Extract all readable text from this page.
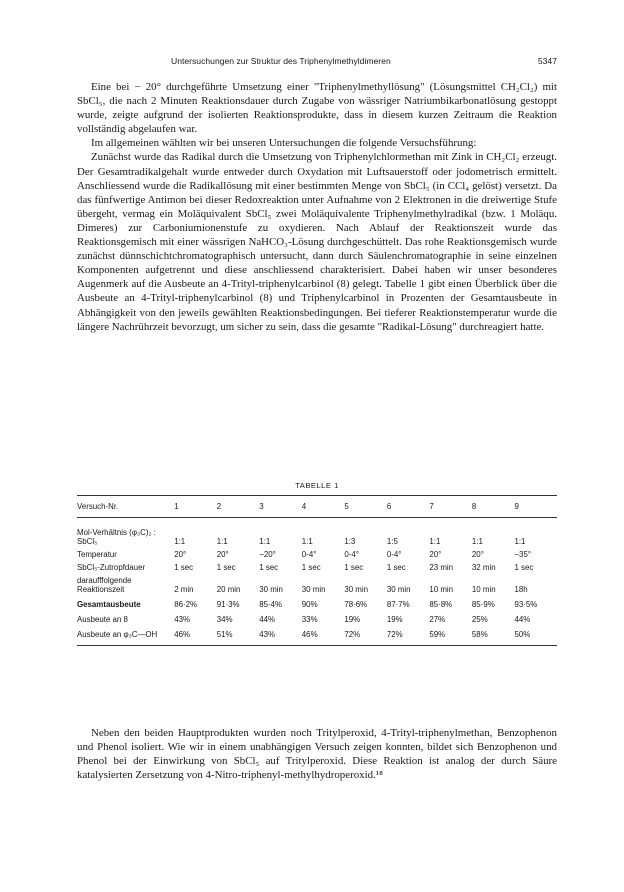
Untersuchungen zur Struktur des Triphenylmethyldimeren	5347

Eine bei − 20° durchgeführte Umsetzung einer "Triphenylmethyllösung" (Lösungsmittel CH₂Cl₂) mit SbCl₅, die nach 2 Minuten Reaktionsdauer durch Zugabe von wässriger Natriumbikarbonatlösung gestoppt wurde, zeigte aufgrund der isolierten Reaktionsprodukte, dass in diesem kurzen Zeitraum die Reaktion vollständig abgelaufen war.

Im allgemeinen wählten wir bei unseren Untersuchungen die folgende Versuchsführung:

Zunächst wurde das Radikal durch die Umsetzung von Triphenylchlormethan mit Zink in CH₂Cl₂ erzeugt. Der Gesamtradikalgehalt wurde entweder durch Oxydation mit Luftsauerstoff oder jodometrisch ermittelt. Anschliessend wurde die Radikallösung mit einer bestimmten Menge von SbCl₅ (in CCl₄ gelöst) versetzt. Da das fünfwertige Antimon bei dieser Redoxreaktion unter Aufnahme von 2 Elektronen in die dreiwertige Stufe übergeht, vermag ein Moläquivalent SbCl₅ zwei Moläquivalente Triphenylmethylradikal (bzw. 1 Moläqu. Dimeres) zur Carboniumionenstufe zu oxydieren. Nach Ablauf der Reaktionszeit wurde das Reaktionsgemisch mit einer wässrigen NaHCO₃-Lösung durchgeschüttelt. Das rohe Reaktionsgemisch wurde zunächst dünnschichtchromatographisch untersucht, dann durch Säulenchromatographie in seine einzelnen Komponenten aufgetrennt und diese anschliessend charakterisiert. Dabei haben wir unser besonderes Augenmerk auf die Ausbeute an 4-Trityl-triphenylcarbinol (8) gelegt. Tabelle 1 gibt einen Überblick über die Ausbeute an 4-Trityl-triphenylcarbinol (8) und Triphenylcarbinol in Prozenten der Gesamtausbeute in Abhängigkeit von den jeweils gewählten Reaktionsbedingungen. Bei tieferer Reaktionstemperatur wurde die längere Nachrührzeit bevorzugt, um sicher zu sein, dass die gesamte "Radikal-Lösung" durchreagiert hatte.

TABELLE 1
Versuch-Nr.	1	2	3	4	5	6	7	8	9
Mol-Verhältnis (φ₃C)₂ : SbCl₅	1:1	1:1	1:1	1:1	1:3	1:5	1:1	1:1	1:1
Temperatur	20°	20°	−20°	0-4°	0-4°	0-4°	20°	20°	−35°
SbCl₅-Zutropfdauer	1 sec	1 sec	1 sec	1 sec	1 sec	1 sec	23 min	32 min	1 sec
daraufffolgende Reaktionszeit	2 min	20 min	30 min	30 min	30 min	30 min	10 min	10 min	18h
Gesamtausbeute	86·2%	91·3%	85·4%	90%	78·6%	87·7%	85·8%	85·9%	93·5%
Ausbeute an 8	43%	34%	44%	33%	19%	19%	27%	25%	44%
Ausbeute an φ₃C—OH	46%	51%	43%	46%	72%	72%	59%	58%	50%

Neben den beiden Hauptprodukten wurden noch Tritylperoxid, 4-Trityl-triphenylmethan, Benzophenon und Phenol isoliert. Wie wir in einem unabhängigen Versuch zeigen konnten, bildet sich Benzophenon und Phenol bei der Einwirkung von SbCl₅ auf Tritylperoxid. Diese Reaktion ist analog der durch Säure katalysierten Zersetzung von 4-Nitro-triphenyl-methylhydroperoxid.¹⁸
